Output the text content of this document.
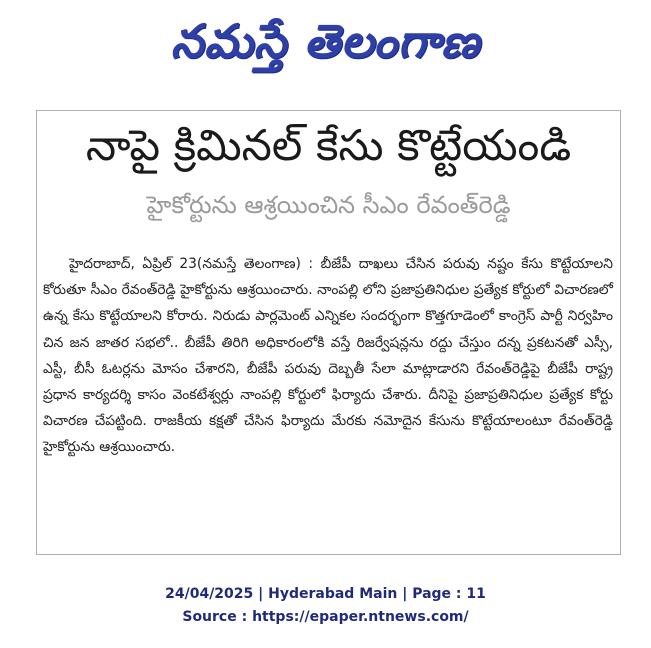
నమస్తే తెలంగాణ
నాపై క్రిమినల్ కేసు కొట్టేయండి
హైకోర్టును ఆశ్రయించిన సీఎం రేవంత్‌రెడ్డి
హైదరాబాద్, ఏప్రిల్ 23(నమస్తే తెలంగాణ) : బీజేపీ దాఖలు చేసిన పరువు నష్టం కేసు కొట్టేయాలని కోరుతూ సీఎం రేవంత్‌రెడ్డి హైకోర్టును ఆశ్రయించారు. నాంపల్లి లోని ప్రజాప్రతినిధుల ప్రత్యేక కోర్టులో విచారణలో ఉన్న కేసు కొట్టేయాలని కోరారు. నిరుడు పార్లమెంట్ ఎన్నికల సందర్భంగా కొత్తగూడెంలో కాంగ్రెస్ పార్టీ నిర్వహిం చిన జన జాతర సభలో.. బీజేపీ తిరిగి అధికారంలోకి వస్తే రిజర్వేషన్లను రద్దు చేస్తుం దన్న ప్రకటనతో ఎస్సీ, ఎస్టీ, బీసీ ఓటర్లను మోసం చేశారని, బీజేపీ పరువు దెబ్బతీ సేలా మాట్లాడారని రేవంత్‌రెడ్డిపై బీజేపీ రాష్ట్ర ప్రధాన కార్యదర్శి కాసం వెంకటేశ్వర్లు నాంపల్లి కోర్టులో ఫిర్యాదు చేశారు. దీనిపై ప్రజాప్రతినిధుల ప్రత్యేక కోర్టు విచారణ చేపట్టింది. రాజకీయ కక్షతో చేసిన ఫిర్యాదు మేరకు నమోదైన కేసును కొట్టేయాలంటూ రేవంత్‌రెడ్డి హైకోర్టును ఆశ్రయించారు.
24/04/2025 | Hyderabad Main | Page : 11
Source : https://epaper.ntnews.com/
